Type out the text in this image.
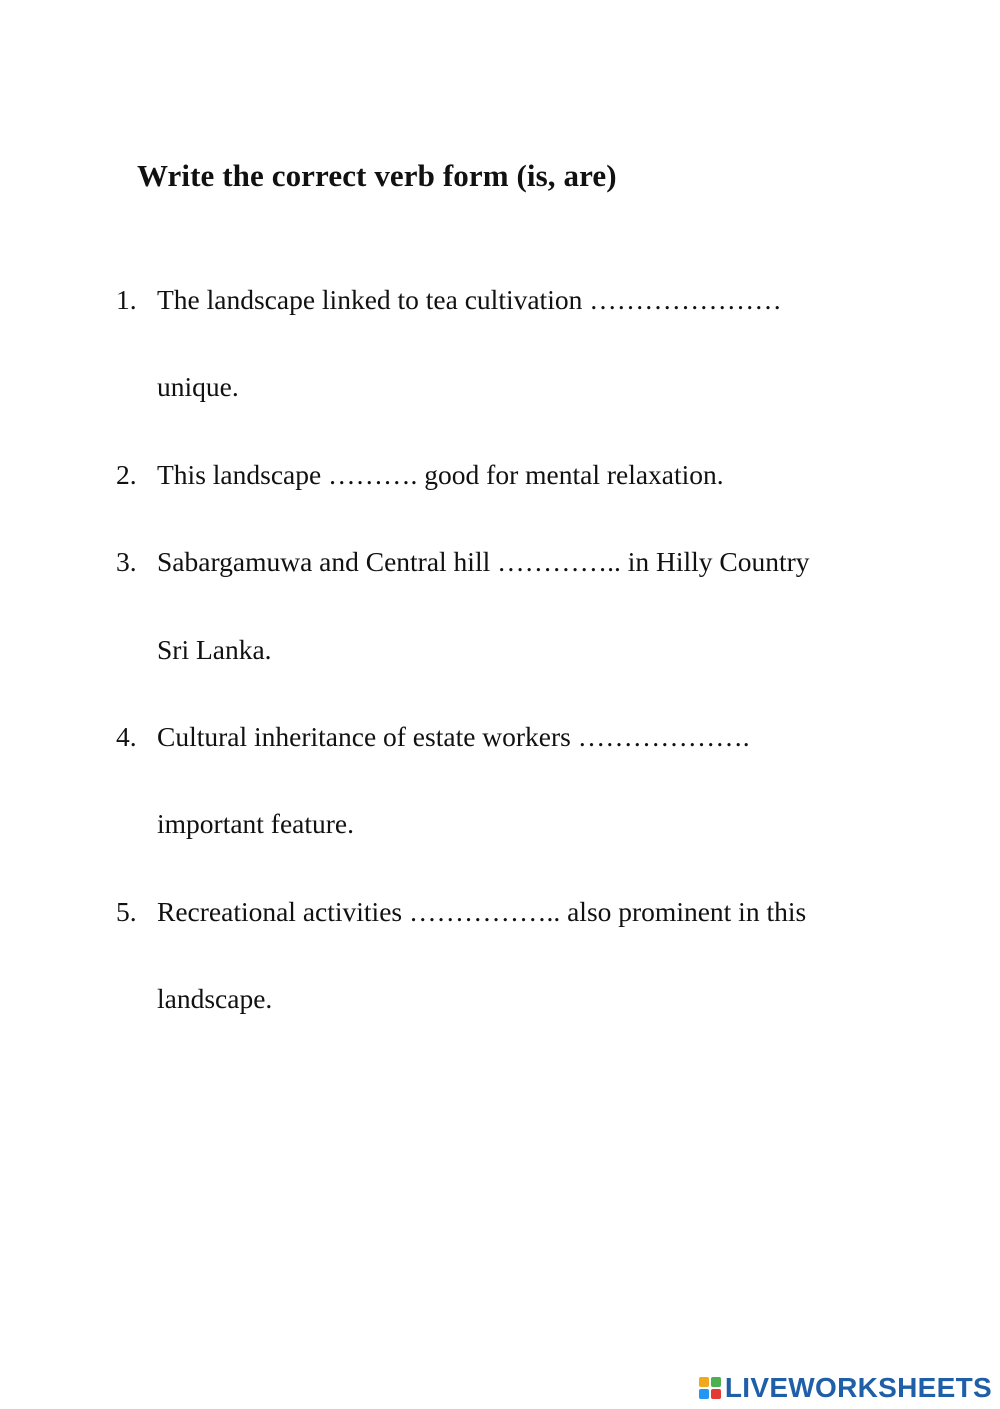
Write the correct verb form (is, are)
1. The landscape linked to tea cultivation …………………
unique.
2. This landscape ………. good for mental relaxation.
3. Sabargamuwa and Central hill ………….. in Hilly Country
Sri Lanka.
4. Cultural inheritance of estate workers ……………….
important feature.
5. Recreational activities …………….. also prominent in this
landscape.
LIVEWORKSHEETS
